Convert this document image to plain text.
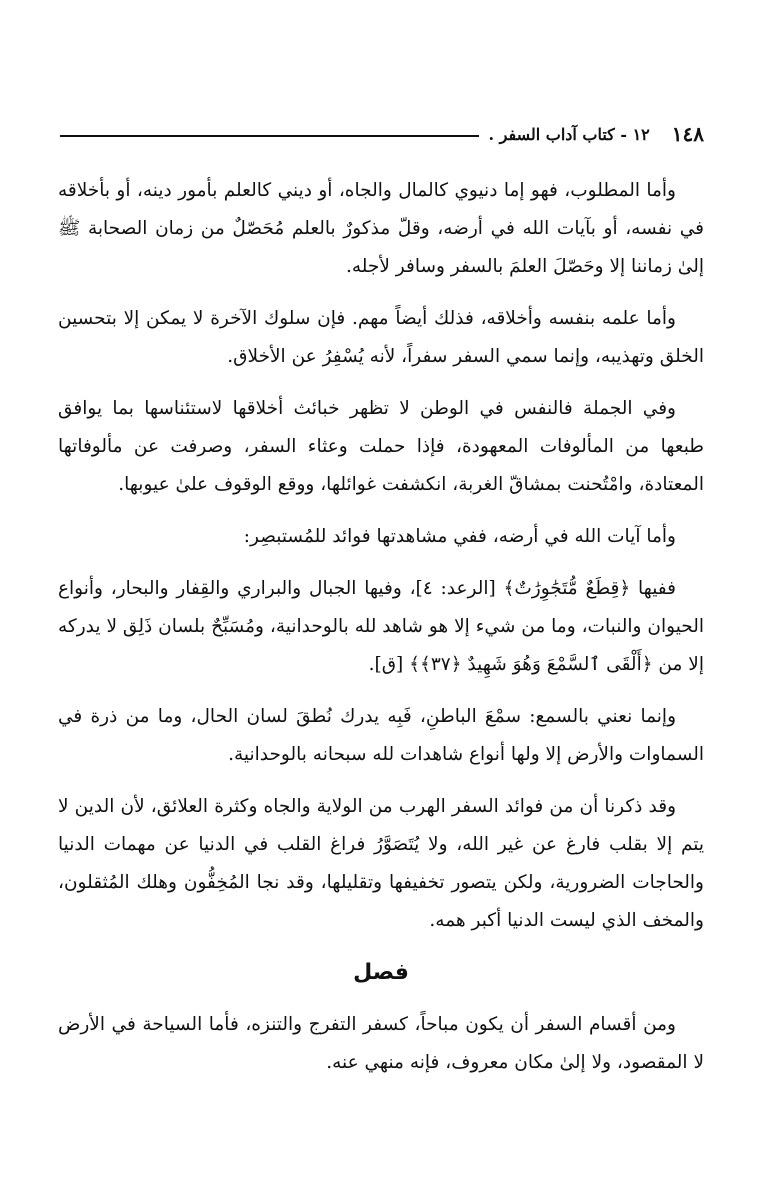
١٤٨
١٢ - كتاب آداب السفر .

وأما المطلوب، فهو إما دنيوي كالمال والجاه، أو ديني كالعلم بأمور دينه، أو بأخلاقه في نفسه، أو بآيات الله في أرضه، وقلّ مذكورٌ بالعلم مُحَصّلٌ من زمان الصحابة ﷺ إلىٰ زماننا إلا وحَصّلَ العلمَ بالسفر وسافر لأجله.

وأما علمه بنفسه وأخلاقه، فذلك أيضاً مهم. فإن سلوك الآخرة لا يمكن إلا بتحسين الخلق وتهذيبه، وإنما سمي السفر سفراً، لأنه يُسْفِرُ عن الأخلاق.

وفي الجملة فالنفس في الوطن لا تظهر خبائث أخلاقها لاستئناسها بما يوافق طبعها من المألوفات المعهودة، فإذا حملت وعثاء السفر، وصرفت عن مألوفاتها المعتادة، وامْتُحنت بمشاقّ الغربة، انكشفت غوائلها، ووقع الوقوف علىٰ عيوبها.

وأما آيات الله في أرضه، ففي مشاهدتها فوائد للمُستبصِر:

ففيها ﴿قِطَعٌ مُّتَجَٰوِرَٰتٌ﴾ [الرعد: ٤]، وفيها الجبال والبراري والقِفار والبحار، وأنواع الحيوان والنبات، وما من شيء إلا هو شاهد لله بالوحدانية، ومُسَبِّحٌ بلسان ذَلِق لا يدركه إلا من ﴿أَلْقَى ٱلسَّمْعَ وَهُوَ شَهِيدٌ ﴿٣٧﴾﴾ [ق].

وإنما نعني بالسمع: سمْعَ الباطنِ، فَبِه يدرك نُطقَ لسان الحال، وما من ذرة في السماوات والأرض إلا ولها أنواع شاهدات لله سبحانه بالوحدانية.

وقد ذكرنا أن من فوائد السفر الهرب من الولاية والجاه وكثرة العلائق، لأن الدين لا يتم إلا بقلب فارغ عن غير الله، ولا يُتَصَوَّرُ فراغ القلب في الدنيا عن مهمات الدنيا والحاجات الضرورية، ولكن يتصور تخفيفها وتقليلها، وقد نجا المُخِفُّون وهلك المُثقلون، والمخف الذي ليست الدنيا أكبر همه.

فصل

ومن أقسام السفر أن يكون مباحاً، كسفر التفرج والتنزه، فأما السياحة في الأرض لا المقصود، ولا إلىٰ مكان معروف، فإنه منهي عنه.
